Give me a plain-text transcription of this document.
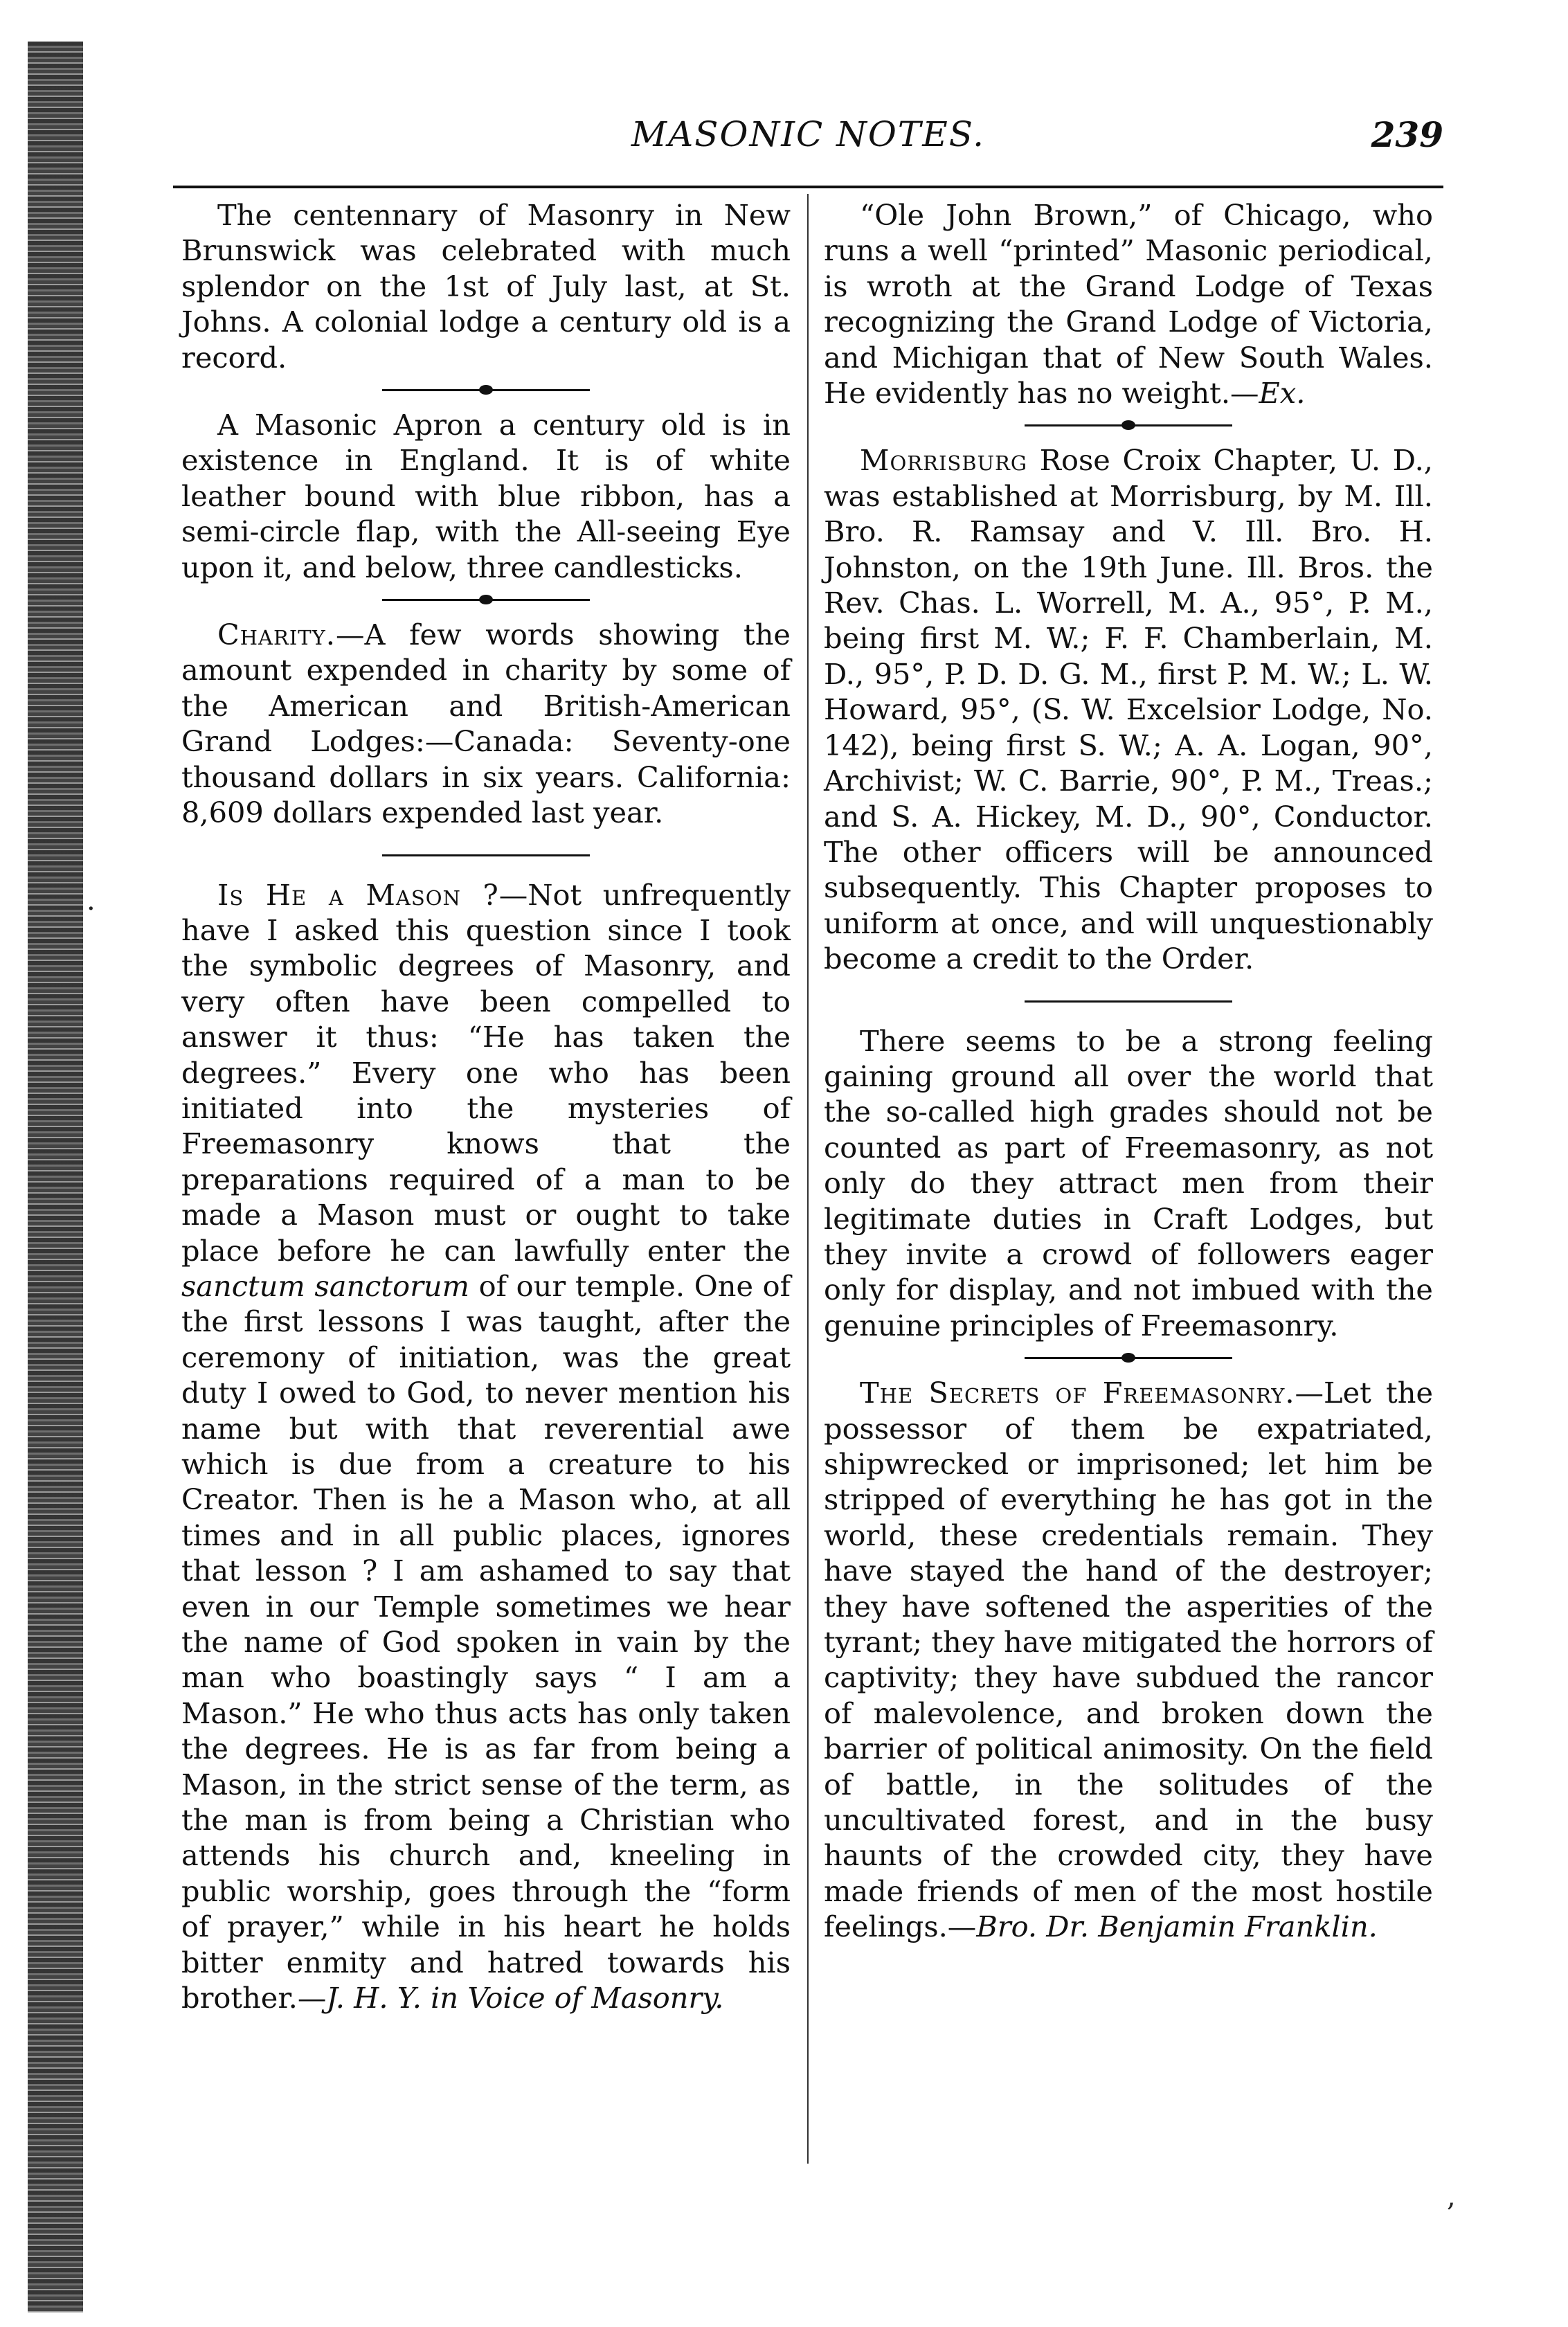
MASONIC NOTES.	239

The centennary of Masonry in New Brunswick was celebrated with much splendor on the 1st of July last, at St. Johns. A colonial lodge a century old is a record.

A Masonic Apron a century old is in existence in England. It is of white leather bound with blue ribbon, has a semi-circle flap, with the All-seeing Eye upon it, and below, three candlesticks.

Charity.—A few words showing the amount expended in charity by some of the American and British-American Grand Lodges:—Canada: Seventy-one thousand dollars in six years. California: 8,609 dollars expended last year.

Is He a Mason ?—Not unfrequently have I asked this question since I took the symbolic degrees of Masonry, and very often have been compelled to answer it thus: “He has taken the degrees.” Every one who has been initiated into the mysteries of Freemasonry knows that the preparations required of a man to be made a Mason must or ought to take place before he can lawfully enter the sanctum sanctorum of our temple. One of the first lessons I was taught, after the ceremony of initiation, was the great duty I owed to God, to never mention his name but with that reverential awe which is due from a creature to his Creator. Then is he a Mason who, at all times and in all public places, ignores that lesson ? I am ashamed to say that even in our Temple sometimes we hear the name of God spoken in vain by the man who boastingly says “ I am a Mason.” He who thus acts has only taken the degrees. He is as far from being a Mason, in the strict sense of the term, as the man is from being a Christian who attends his church and, kneeling in public worship, goes through the “form of prayer,” while in his heart he holds bitter enmity and hatred towards his brother.—J. H. Y. in Voice of Masonry.

“Ole John Brown,” of Chicago, who runs a well “printed” Masonic periodical, is wroth at the Grand Lodge of Texas recognizing the Grand Lodge of Victoria, and Michigan that of New South Wales. He evidently has no weight.—Ex.

Morrisburg Rose Croix Chapter, U. D., was established at Morrisburg, by M. Ill. Bro. R. Ramsay and V. Ill. Bro. H. Johnston, on the 19th June. Ill. Bros. the Rev. Chas. L. Worrell, M. A., 95°, P. M., being first M. W.; F. F. Chamberlain, M. D., 95°, P. D. D. G. M., first P. M. W.; L. W. Howard, 95°, (S. W. Excelsior Lodge, No. 142), being first S. W.; A. A. Logan, 90°, Archivist; W. C. Barrie, 90°, P. M., Treas.; and S. A. Hickey, M. D., 90°, Conductor. The other officers will be announced subsequently. This Chapter proposes to uniform at once, and will unquestionably become a credit to the Order.

There seems to be a strong feeling gaining ground all over the world that the so-called high grades should not be counted as part of Freemasonry, as not only do they attract men from their legitimate duties in Craft Lodges, but they invite a crowd of followers eager only for display, and not imbued with the genuine principles of Freemasonry.

The Secrets of Freemasonry.—Let the possessor of them be expatriated, shipwrecked or imprisoned; let him be stripped of everything he has got in the world, these credentials remain. They have stayed the hand of the destroyer; they have softened the asperities of the tyrant; they have mitigated the horrors of captivity; they have subdued the rancor of malevolence, and broken down the barrier of political animosity. On the field of battle, in the solitudes of the uncultivated forest, and in the busy haunts of the crowded city, they have made friends of men of the most hostile feelings.—Bro. Dr. Benjamin Franklin.

,
·
